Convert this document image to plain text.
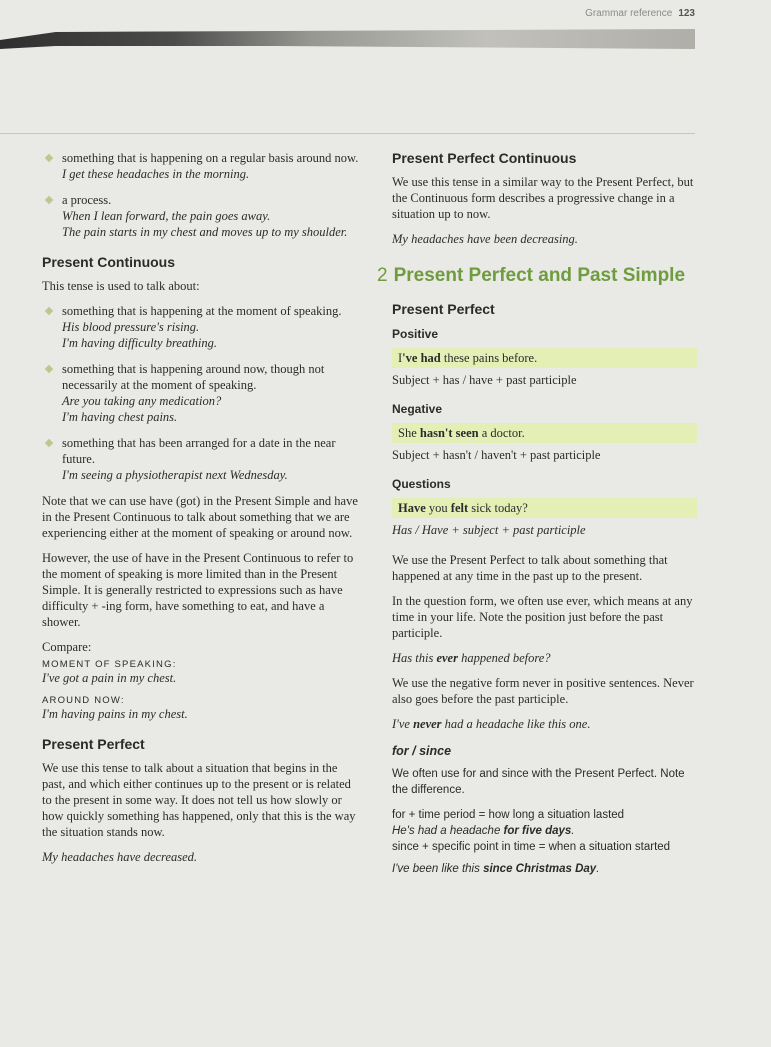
Grammar reference 123
something that is happening on a regular basis around now.
I get these headaches in the morning.
a process.
When I lean forward, the pain goes away.
The pain starts in my chest and moves up to my shoulder.
Present Continuous

This tense is used to talk about:

something that is happening at the moment of speaking.
His blood pressure's rising.
I'm having difficulty breathing.
something that is happening around now, though not necessarily at the moment of speaking.
Are you taking any medication?
I'm having chest pains.
something that has been arranged for a date in the near future.
I'm seeing a physiotherapist next Wednesday.

Note that we can use have (got) in the Present Simple and have in the Present Continuous to talk about something that we are experiencing either at the moment of speaking or around now.

However, the use of have in the Present Continuous to refer to the moment of speaking is more limited than in the Present Simple. It is generally restricted to expressions such as have difficulty + -ing form, have something to eat, and have a shower.

Compare:

MOMENT OF SPEAKING:

I've got a pain in my chest.

AROUND NOW:

I'm having pains in my chest.

Present Perfect

We use this tense to talk about a situation that begins in the past, and which either continues up to the present or is related to the present in some way. It does not tell us how slowly or how quickly something has happened, only that this is the way the situation stands now.

My headaches have decreased.

Present Perfect Continuous

We use this tense in a similar way to the Present Perfect, but the Continuous form describes a progressive change in a situation up to now.

My headaches have been decreasing.

2 Present Perfect and Past Simple
Present Perfect
Positive
I've had these pains before.
Subject + has / have + past participle
Negative
She hasn't seen a doctor.
Subject + hasn't / haven't + past participle
Questions
Have you felt sick today?
Has / Have + subject + past participle

We use the Present Perfect to talk about something that happened at any time in the past up to the present.

In the question form, we often use ever, which means at any time in your life. Note the position just before the past participle.

Has this ever happened before?

We use the negative form never in positive sentences. Never also goes before the past participle.

I've never had a headache like this one.

for / since

We often use for and since with the Present Perfect. Note the difference.

for + time period = how long a situation lasted
He's had a headache for five days.
since + specific point in time = when a situation started
I've been like this since Christmas Day.
